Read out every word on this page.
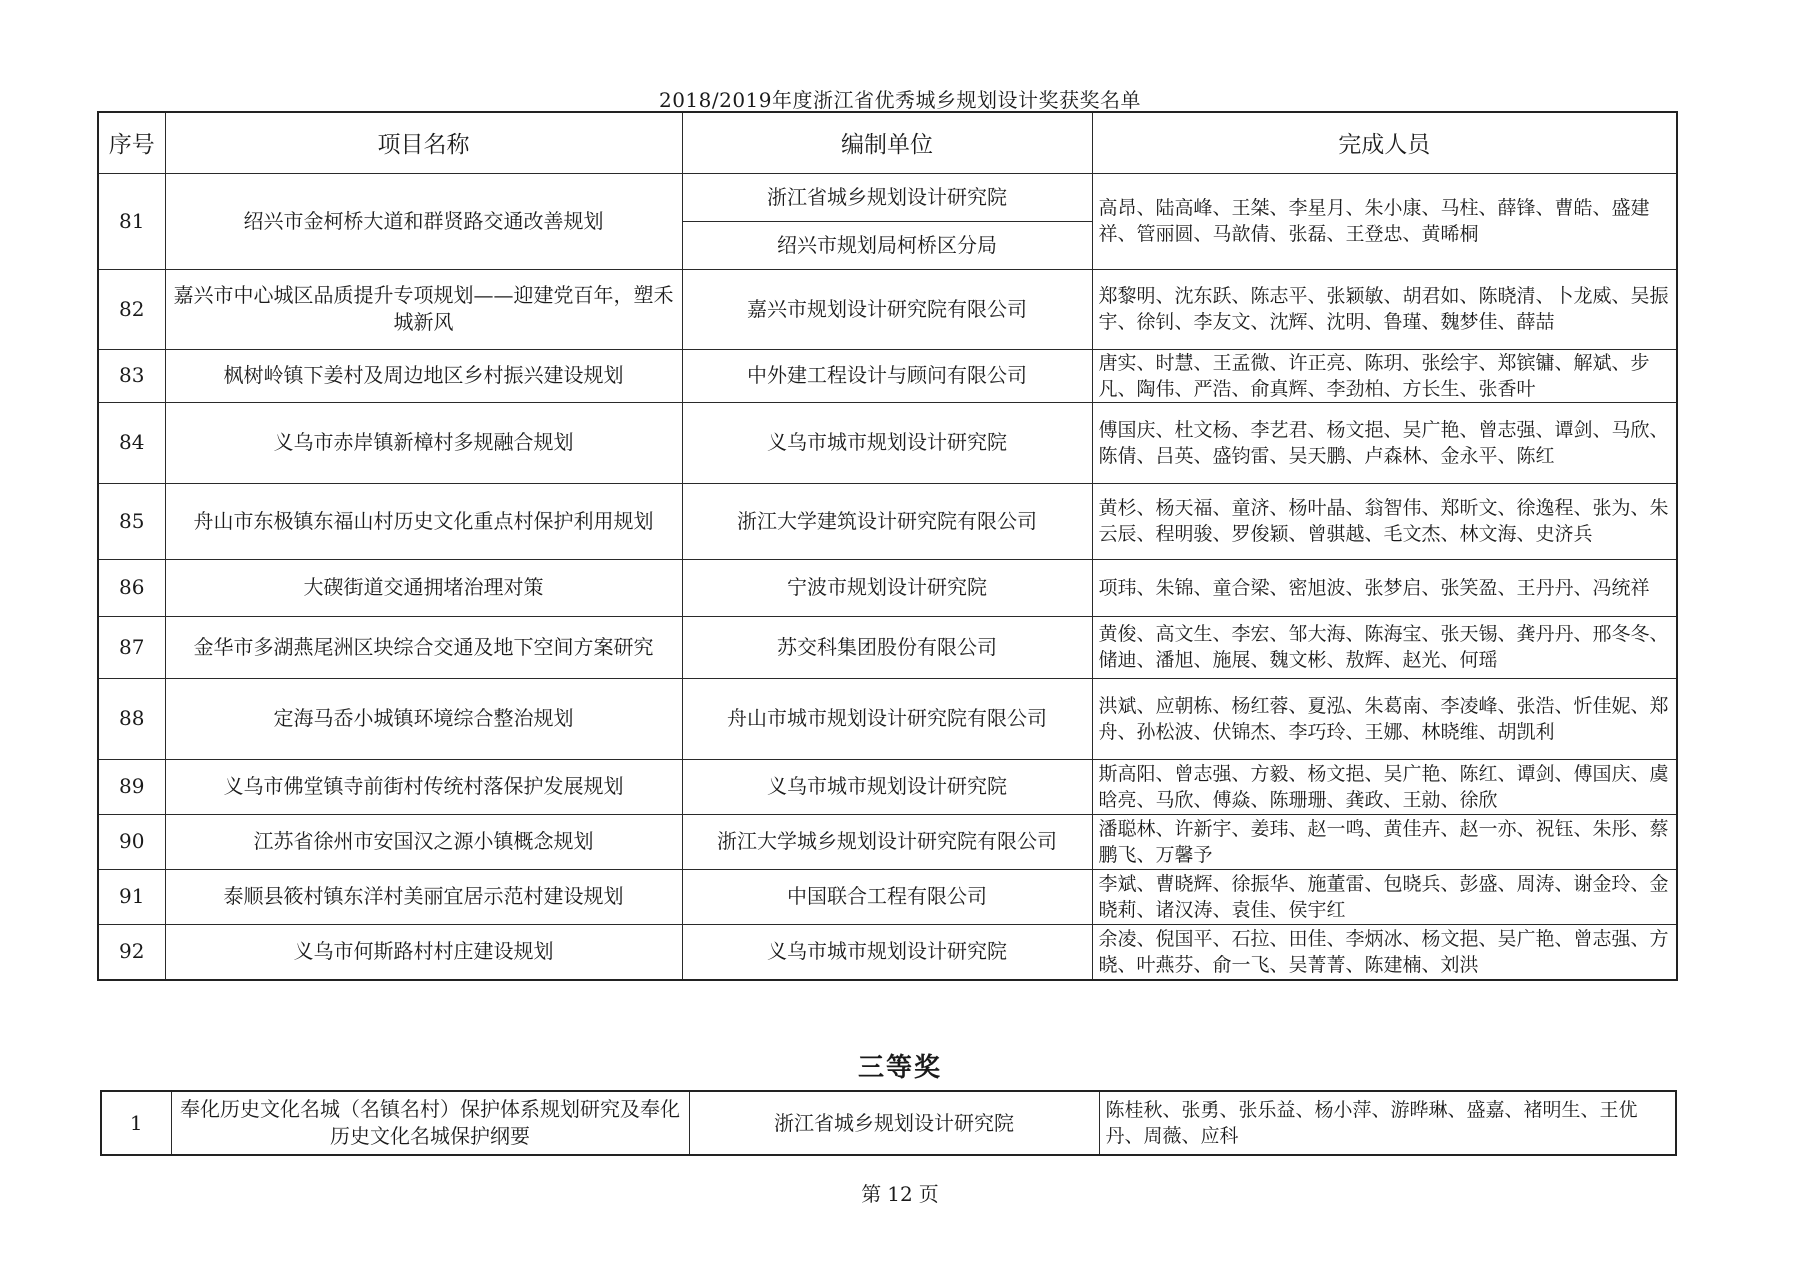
2018/2019年度浙江省优秀城乡规划设计奖获奖名单
序号	项目名称	编制单位	完成人员
81	绍兴市金柯桥大道和群贤路交通改善规划	浙江省城乡规划设计研究院	高昂、陆高峰、王桀、李星月、朱小康、马柱、薛锋、曹皓、盛建祥、管丽圆、马歆倩、张磊、王登忠、黄晞桐
		绍兴市规划局柯桥区分局	
82	嘉兴市中心城区品质提升专项规划——迎建党百年，塑禾城新风	嘉兴市规划设计研究院有限公司	郑黎明、沈东跃、陈志平、张颖敏、胡君如、陈晓清、卜龙威、吴振宇、徐钊、李友文、沈辉、沈明、鲁瑾、魏梦佳、薛喆
83	枫树岭镇下姜村及周边地区乡村振兴建设规划	中外建工程设计与顾问有限公司	唐实、时慧、王孟微、许正亮、陈玥、张绘宇、郑镔镛、解斌、步凡、陶伟、严浩、俞真辉、李劲柏、方长生、张香叶
84	义乌市赤岸镇新樟村多规融合规划	义乌市城市规划设计研究院	傅国庆、杜文杨、李艺君、杨文挹、吴广艳、曾志强、谭剑、马欣、陈倩、吕英、盛钧雷、吴天鹏、卢森林、金永平、陈红
85	舟山市东极镇东福山村历史文化重点村保护利用规划	浙江大学建筑设计研究院有限公司	黄杉、杨天福、童济、杨叶晶、翁智伟、郑昕文、徐逸程、张为、朱云辰、程明骏、罗俊颖、曾骐越、毛文杰、林文海、史济兵
86	大碶街道交通拥堵治理对策	宁波市规划设计研究院	项玮、朱锦、童合梁、密旭波、张梦启、张笑盈、王丹丹、冯统祥
87	金华市多湖燕尾洲区块综合交通及地下空间方案研究	苏交科集团股份有限公司	黄俊、高文生、李宏、邹大海、陈海宝、张天锡、龚丹丹、邢冬冬、储迪、潘旭、施展、魏文彬、敖辉、赵光、何瑶
88	定海马岙小城镇环境综合整治规划	舟山市城市规划设计研究院有限公司	洪斌、应朝栋、杨红蓉、夏泓、朱葛南、李凌峰、张浩、忻佳妮、郑舟、孙松波、伏锦杰、李巧玲、王娜、林晓维、胡凯利
89	义乌市佛堂镇寺前街村传统村落保护发展规划	义乌市城市规划设计研究院	斯高阳、曾志强、方毅、杨文挹、吴广艳、陈红、谭剑、傅国庆、虞晗亮、马欣、傅焱、陈珊珊、龚政、王勍、徐欣
90	江苏省徐州市安国汉之源小镇概念规划	浙江大学城乡规划设计研究院有限公司	潘聪林、许新宇、姜玮、赵一鸣、黄佳卉、赵一亦、祝钰、朱彤、蔡鹏飞、万馨予
91	泰顺县筱村镇东洋村美丽宜居示范村建设规划	中国联合工程有限公司	李斌、曹晓辉、徐振华、施董雷、包晓兵、彭盛、周涛、谢金玲、金晓莉、诸汉涛、袁佳、侯宇红
92	义乌市何斯路村村庄建设规划	义乌市城市规划设计研究院	余凌、倪国平、石拉、田佳、李炳冰、杨文挹、吴广艳、曾志强、方晓、叶燕芬、俞一飞、吴菁菁、陈建楠、刘洪
三等奖
1	奉化历史文化名城（名镇名村）保护体系规划研究及奉化历史文化名城保护纲要	浙江省城乡规划设计研究院	陈桂秋、张勇、张乐益、杨小萍、游晔琳、盛嘉、褚明生、王优丹、周薇、应科
第 12 页
